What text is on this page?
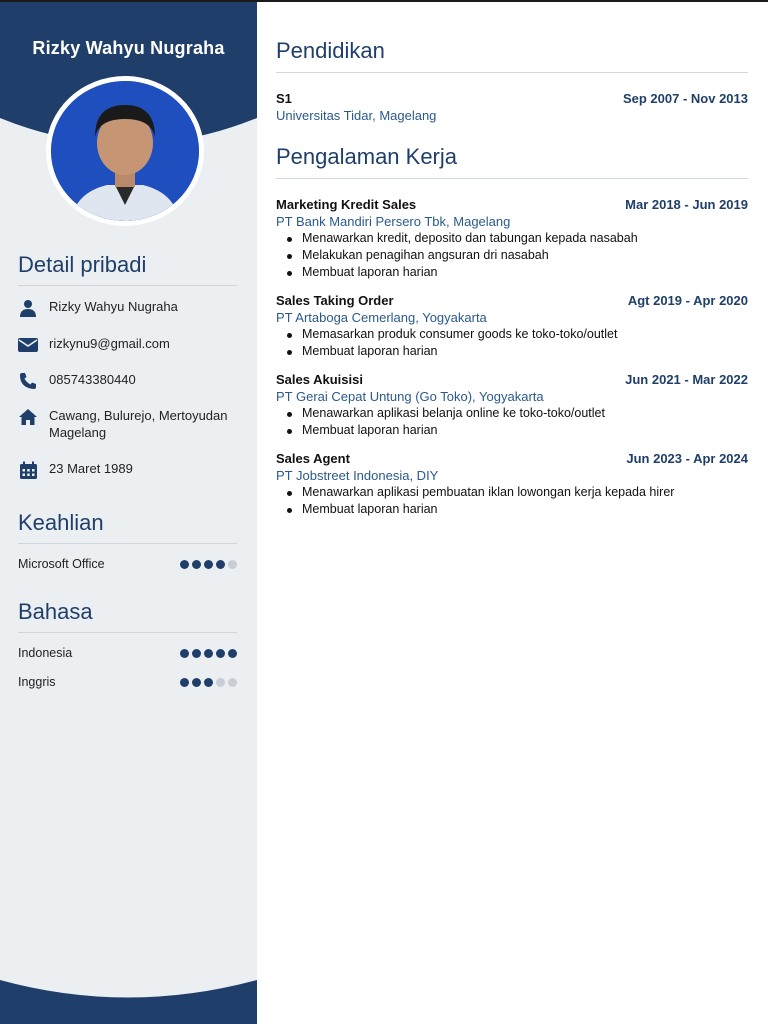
Rizky Wahyu Nugraha
Detail pribadi
Rizky Wahyu Nugraha
rizkynu9@gmail.com
085743380440
Cawang, Bulurejo, Mertoyudan Magelang
23 Maret 1989
Keahlian
Microsoft Office
Bahasa
Indonesia
Inggris
Pendidikan
S1	Sep 2007 - Nov 2013
Universitas Tidar, Magelang
Pengalaman Kerja
Marketing Kredit Sales	Mar 2018 - Jun 2019
PT Bank Mandiri Persero Tbk, Magelang
Menawarkan kredit, deposito dan tabungan kepada nasabah
Melakukan penagihan angsuran dri nasabah
Membuat laporan harian
Sales Taking Order	Agt 2019 - Apr 2020
PT Artaboga Cemerlang, Yogyakarta
Memasarkan produk consumer goods ke toko-toko/outlet
Membuat laporan harian
Sales Akuisisi	Jun 2021 - Mar 2022
PT Gerai Cepat Untung (Go Toko), Yogyakarta
Menawarkan aplikasi belanja online ke toko-toko/outlet
Membuat laporan harian
Sales Agent	Jun 2023 - Apr 2024
PT Jobstreet Indonesia, DIY
Menawarkan aplikasi pembuatan iklan lowongan kerja kepada hirer
Membuat laporan harian
